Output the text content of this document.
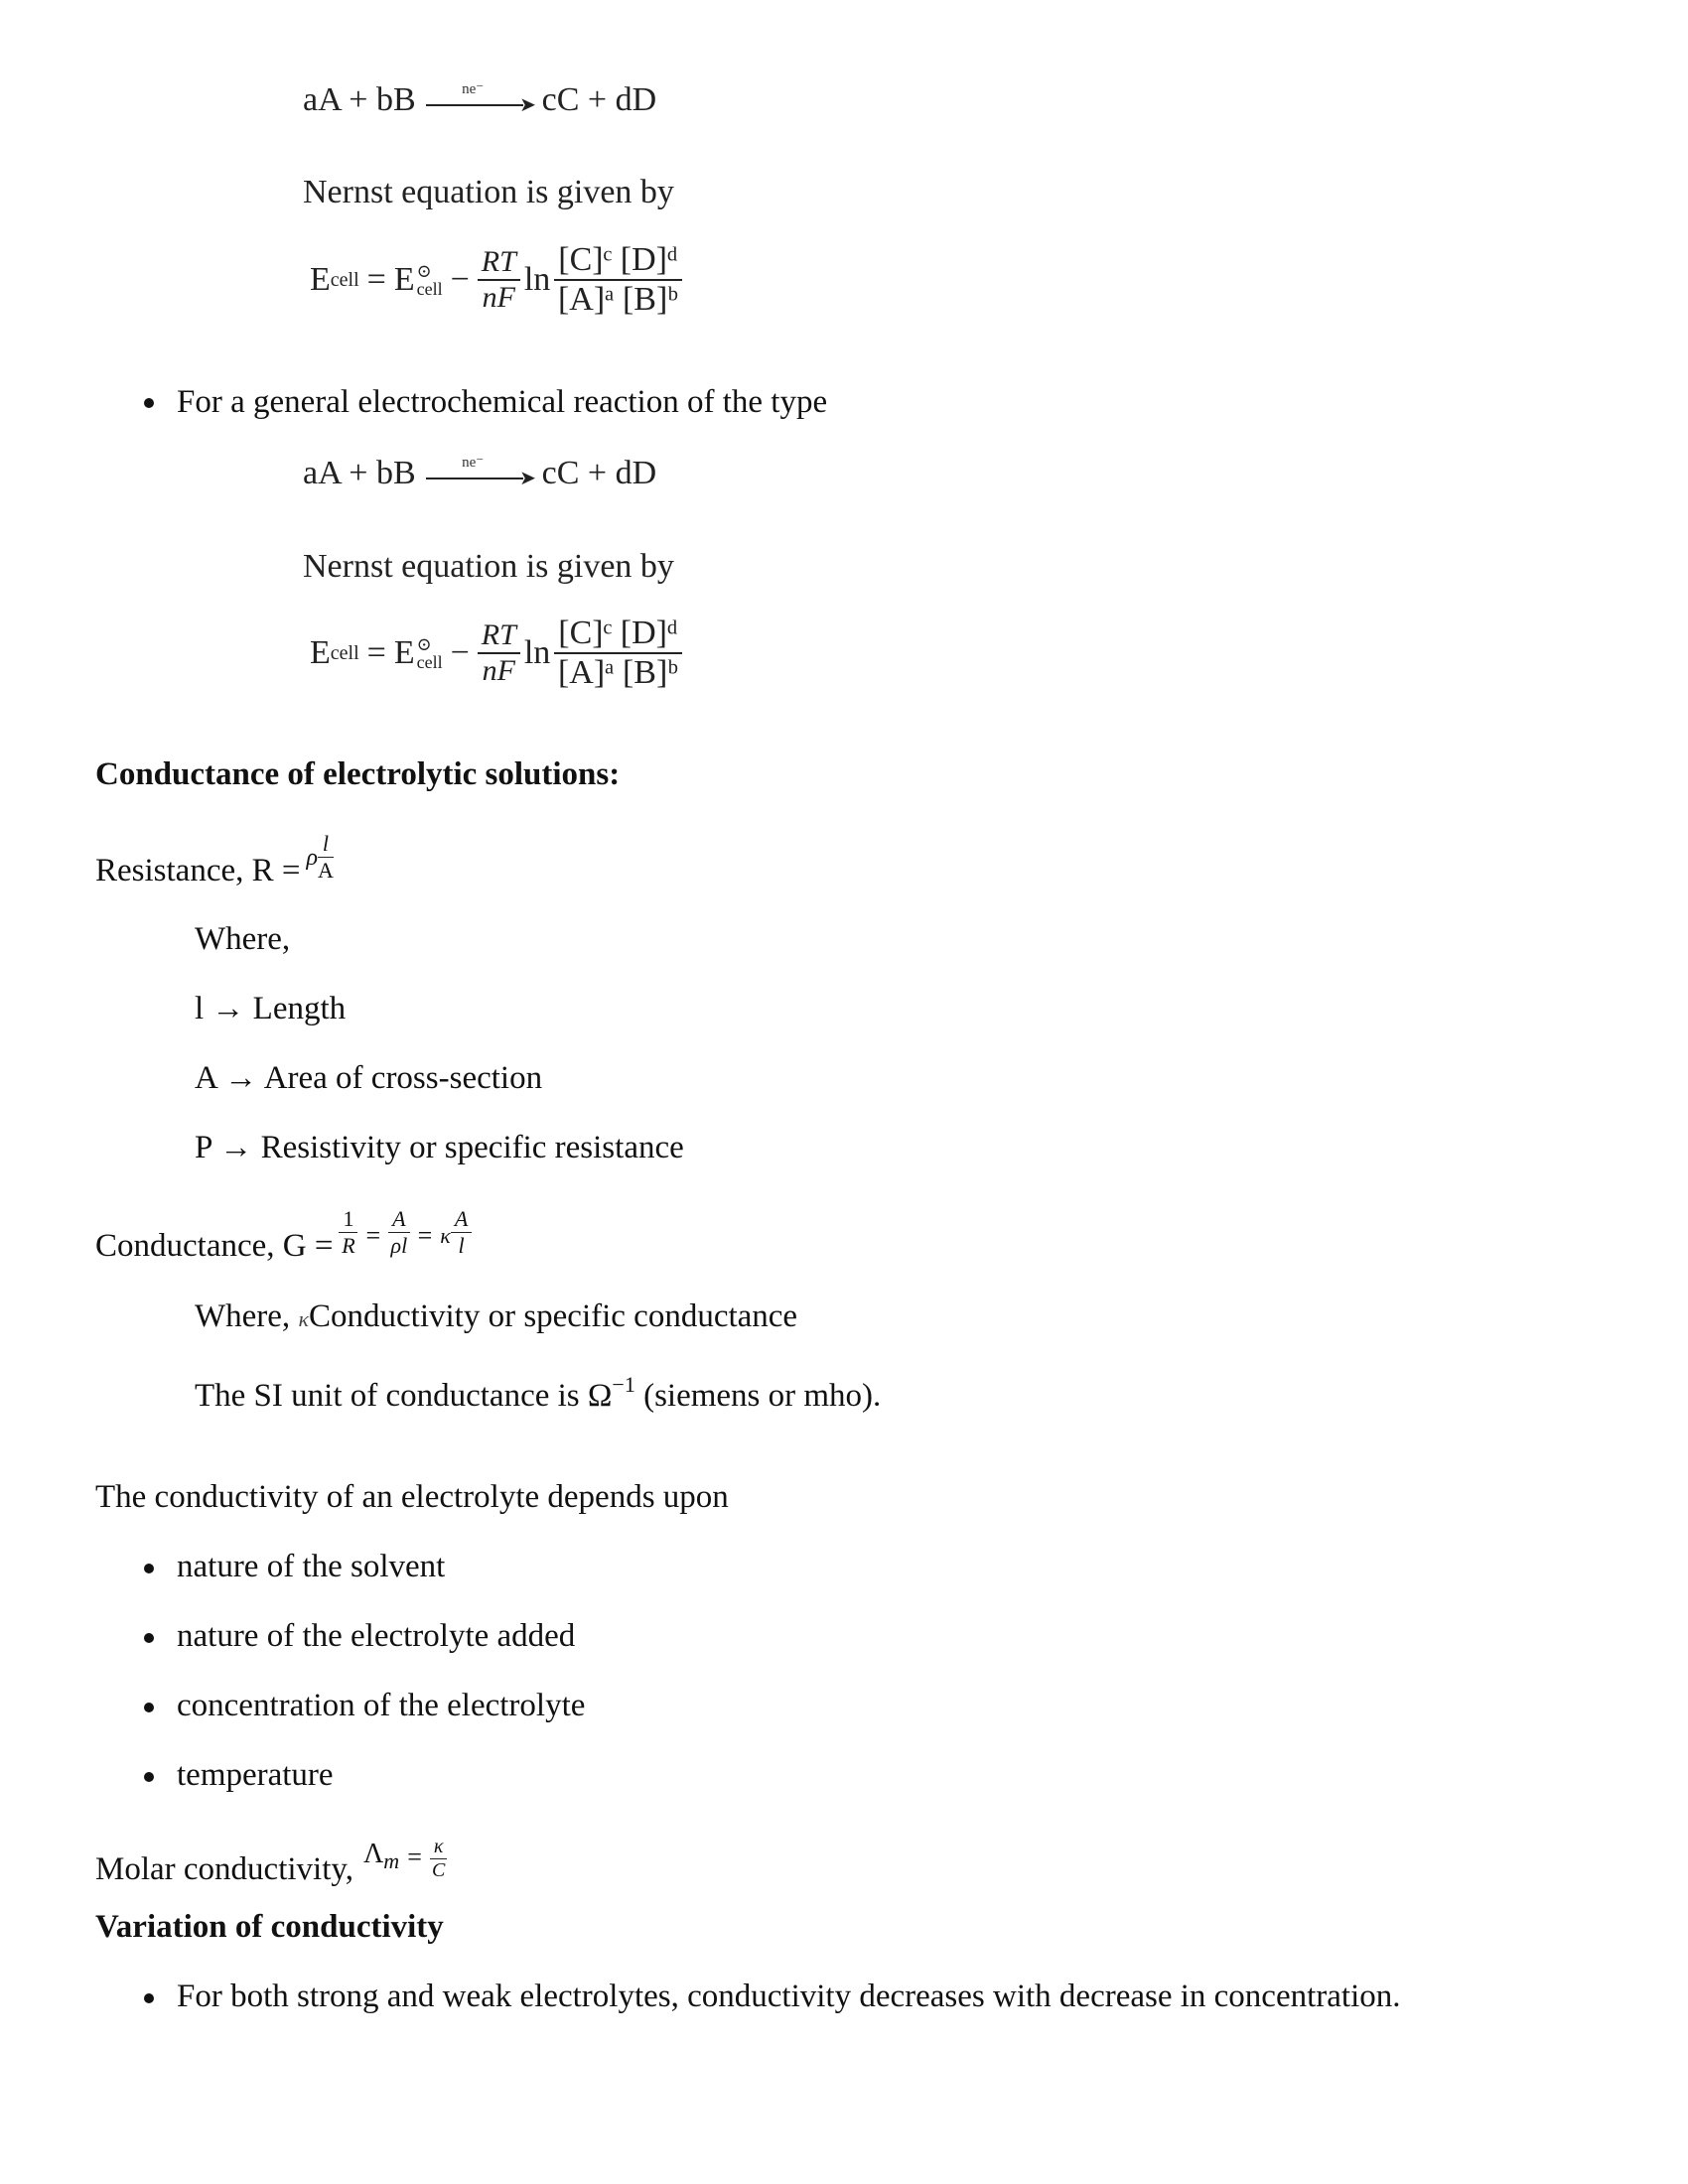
aA + bB	ne⁻
➤ cC + dD
Nernst equation is given by
E cell = E ⊙
cell − $\frac{RT}{nF}$ $\ln \frac{\text{[C]ᶜ [D]ᵈ}}{\text{[A]ᵃ [B]ᵇ}}$
For a general electrochemical reaction of the type
aA + bB	ne⁻
➤ cC + dD
Nernst equation is given by
E cell = E ⊙
cell − $\frac{RT}{nF}$ $\ln \frac{\text{[C]ᶜ [D]ᵈ}}{\text{[A]ᵃ [B]ᵇ}}$
Conductance of electrolytic solutions:
Resistance, R = ρ $\frac{l}{A}$
Where,
l → Length
A → Area of cross-section
P → Resistivity or specific resistance
Conductance, $G = \frac{1}{R} = \frac{A}{\rho l} = \kappa \frac{A}{l}$
Where, κConductivity or specific conductance
The SI unit of conductance is $\Omega^{-1}$ (siemens or mho).
The conductivity of an electrolyte depends upon
nature of the solvent
nature of the electrolyte added
concentration of the electrolyte
temperature
Molar conductivity, Λ $m = \frac{\kappa}{C}$
Variation of conductivity
For both strong and weak electrolytes, conductivity decreases with decrease in concentration.
